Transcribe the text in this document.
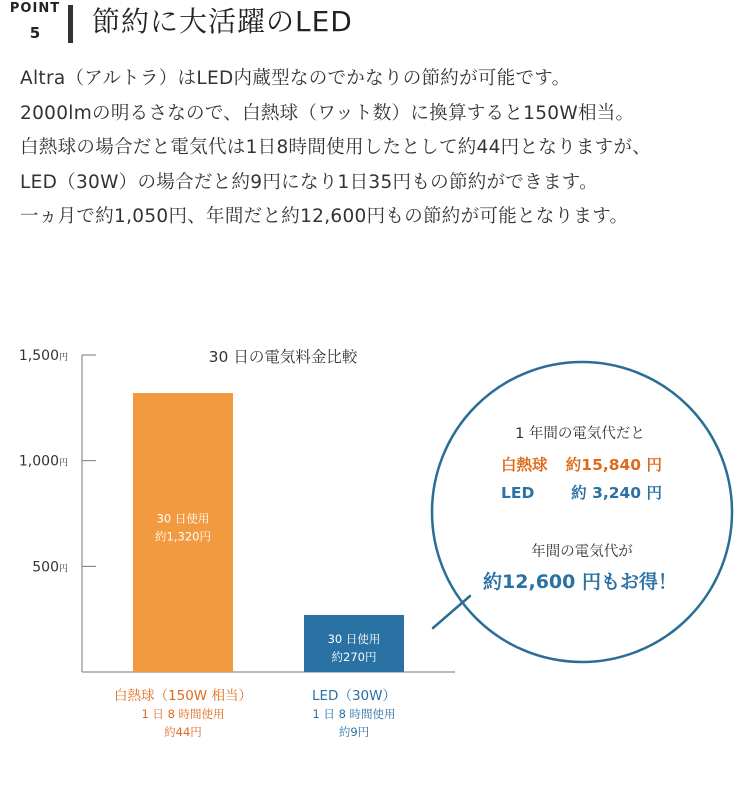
POINT
5	節約に大活躍のLED
Altra（アルトラ）はLED内蔵型なのでかなりの節約が可能です。
2000lmの明るさなので、白熱球（ワット数）に換算すると150W相当。
白熱球の場合だと電気代は1日8時間使用したとして約44円となりますが、
LED（30W）の場合だと約9円になり1日35円もの節約ができます。
一ヵ月で約1,050円、年間だと約12,600円もの節約が可能となります。
1,500円
1,000円
500円
30 日の電気料金比較
30 日使用
約1,320円
白熱球（150W 相当）
1 日 8 時間使用
約44円
30 日使用
約270円
LED（30W）
1 日 8 時間使用
約9円
1 年間の電気代だと
白熱球 約15,840 円
LED 約 3,240 円
年間の電気代が
約12,600 円もお得！
